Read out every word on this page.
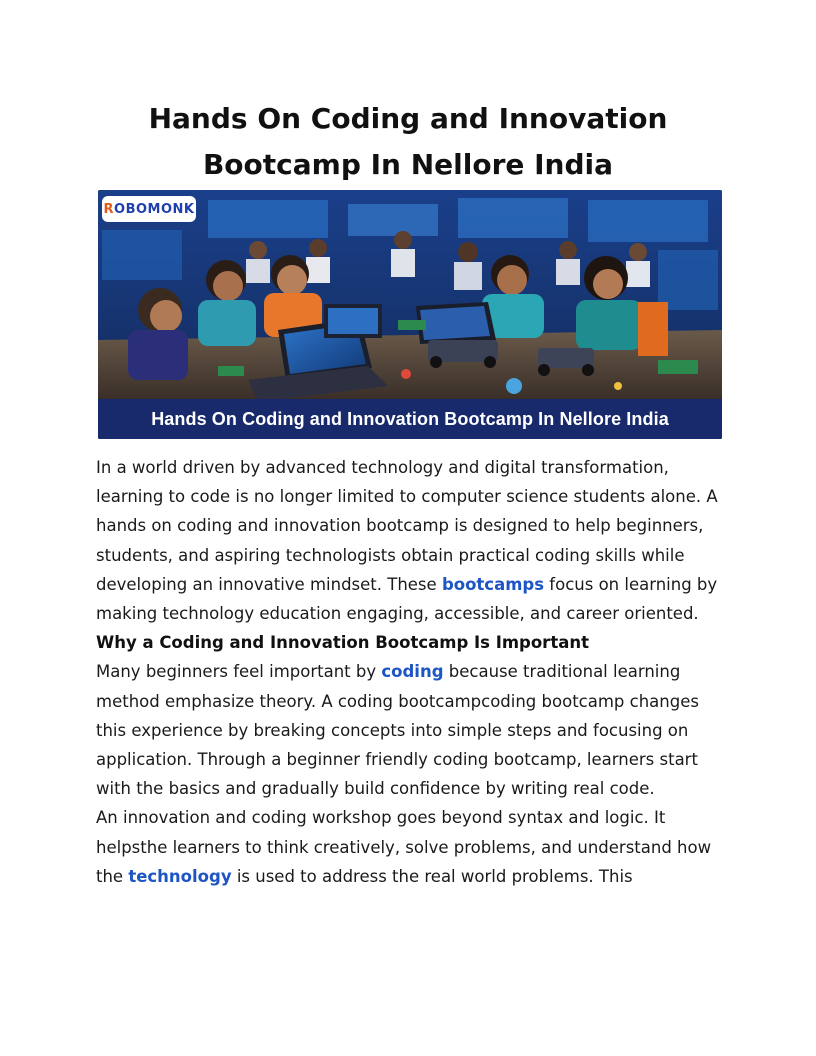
Hands On Coding and Innovation
Bootcamp In Nellore India
R OBOMONK
Hands On Coding and Innovation Bootcamp In Nellore India

In a world driven by advanced technology and digital transformation, learning to code is no longer limited to computer science students alone. A hands on coding and innovation bootcamp is designed to help beginners, students, and aspiring technologists obtain practical coding skills while developing an innovative mindset. These bootcamps focus on learning by making technology education engaging, accessible, and career oriented.

Why a Coding and Innovation Bootcamp Is Important

Many beginners feel important by coding because traditional learning method emphasize theory. A coding bootcampcoding bootcamp changes this experience by breaking concepts into simple steps and focusing on application. Through a beginner friendly coding bootcamp, learners start with the basics and gradually build confidence by writing real code.

An innovation and coding workshop goes beyond syntax and logic. It helpsthe learners to think creatively, solve problems, and understand how the technology is used to address the real world problems. This
